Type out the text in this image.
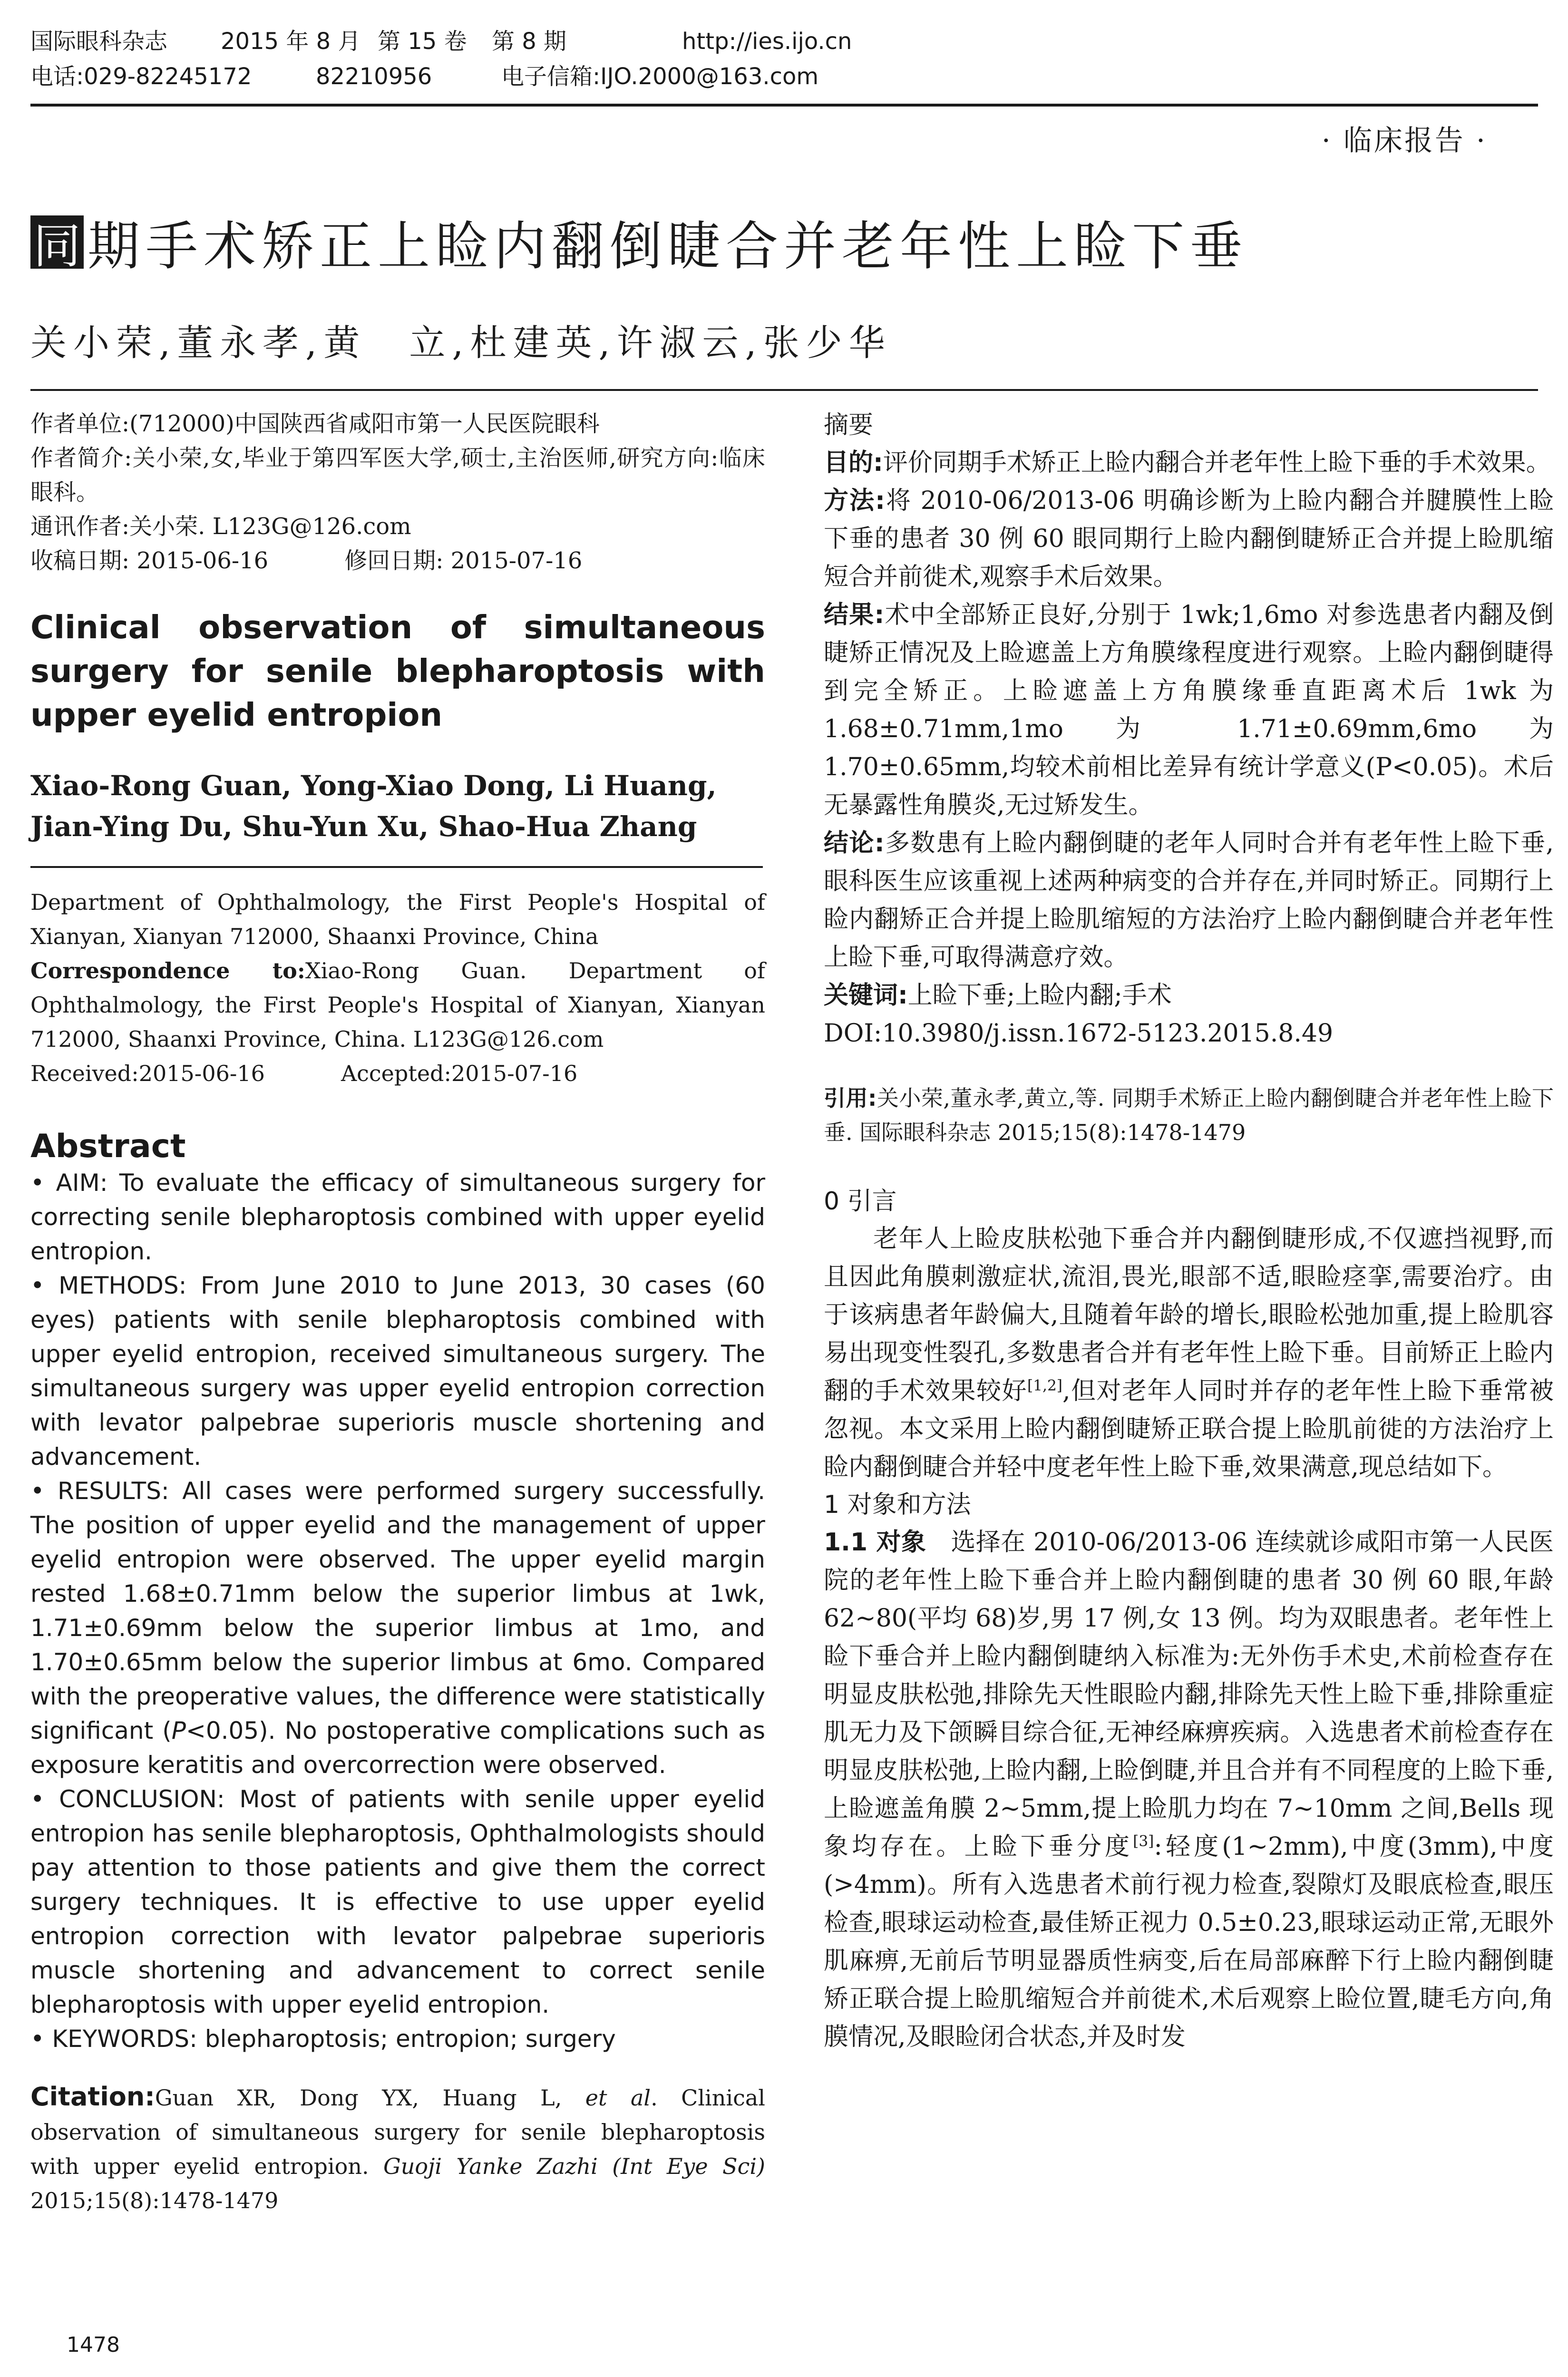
国际眼科杂志	2015 年 8 月 第 15 卷	第 8 期	http://ies.ijo.cn
电话:029-82245172	82210956	电子信箱:IJO.2000@163.com
· 临床报告 ·
同 期手术矫正上睑内翻倒睫合并老年性上睑下垂
关小荣,董永孝,黄　立,杜建英,许淑云,张少华

作者单位:(712000)中国陕西省咸阳市第一人民医院眼科

作者简介:关小荣,女,毕业于第四军医大学,硕士,主治医师,研究方向:临床眼科。

通讯作者:关小荣. L123G@126.com

收稿日期: 2015-06-16	修回日期: 2015-07-16

Clinical observation of simultaneous surgery for senile blepharoptosis with upper eyelid entropion

Xiao-Rong Guan, Yong-Xiao Dong, Li Huang, Jian-Ying Du, Shu-Yun Xu, Shao-Hua Zhang

Department of Ophthalmology, the First People's Hospital of Xianyan, Xianyan 712000, Shaanxi Province, China

Correspondence to:Xiao-Rong Guan. Department of Ophthalmology, the First People's Hospital of Xianyan, Xianyan 712000, Shaanxi Province, China. L123G@126.com

Received:2015-06-16	Accepted:2015-07-16

Abstract

• AIM: To evaluate the efficacy of simultaneous surgery for correcting senile blepharoptosis combined with upper eyelid entropion.

• METHODS: From June 2010 to June 2013, 30 cases (60 eyes) patients with senile blepharoptosis combined with upper eyelid entropion, received simultaneous surgery. The simultaneous surgery was upper eyelid entropion correction with levator palpebrae superioris muscle shortening and advancement.

• RESULTS: All cases were performed surgery successfully. The position of upper eyelid and the management of upper eyelid entropion were observed. The upper eyelid margin rested 1.68±0.71mm below the superior limbus at 1wk, 1.71±0.69mm below the superior limbus at 1mo, and 1.70±0.65mm below the superior limbus at 6mo. Compared with the preoperative values, the difference were statistically significant (P<0.05). No postoperative complications such as exposure keratitis and overcorrection were observed.

• CONCLUSION: Most of patients with senile upper eyelid entropion has senile blepharoptosis, Ophthalmologists should pay attention to those patients and give them the correct surgery techniques. It is effective to use upper eyelid entropion correction with levator palpebrae superioris muscle shortening and advancement to correct senile blepharoptosis with upper eyelid entropion.

• KEYWORDS: blepharoptosis; entropion; surgery

Citation:Guan XR, Dong YX, Huang L, et al. Clinical observation of simultaneous surgery for senile blepharoptosis with upper eyelid entropion. Guoji Yanke Zazhi (Int Eye Sci) 2015;15(8):1478-1479

摘要

目的:评价同期手术矫正上睑内翻合并老年性上睑下垂的手术效果。

方法:将 2010-06/2013-06 明确诊断为上睑内翻合并腱膜性上睑下垂的患者 30 例 60 眼同期行上睑内翻倒睫矫正合并提上睑肌缩短合并前徙术,观察手术后效果。

结果:术中全部矫正良好,分别于 1wk;1,6mo 对参选患者内翻及倒睫矫正情况及上睑遮盖上方角膜缘程度进行观察。上睑内翻倒睫得到完全矫正。上睑遮盖上方角膜缘垂直距离术后 1wk 为 1.68±0.71mm,1mo 为 1.71±0.69mm,6mo 为 1.70±0.65mm,均较术前相比差异有统计学意义(P<0.05)。术后无暴露性角膜炎,无过矫发生。

结论:多数患有上睑内翻倒睫的老年人同时合并有老年性上睑下垂,眼科医生应该重视上述两种病变的合并存在,并同时矫正。同期行上睑内翻矫正合并提上睑肌缩短的方法治疗上睑内翻倒睫合并老年性上睑下垂,可取得满意疗效。

关键词:上睑下垂;上睑内翻;手术

DOI:10.3980/j.issn.1672-5123.2015.8.49

引用:关小荣,董永孝,黄立,等. 同期手术矫正上睑内翻倒睫合并老年性上睑下垂. 国际眼科杂志 2015;15(8):1478-1479

0 引言

老年人上睑皮肤松弛下垂合并内翻倒睫形成,不仅遮挡视野,而且因此角膜刺激症状,流泪,畏光,眼部不适,眼睑痉挛,需要治疗。由于该病患者年龄偏大,且随着年龄的增长,眼睑松弛加重,提上睑肌容易出现变性裂孔,多数患者合并有老年性上睑下垂。目前矫正上睑内翻的手术效果较好[1,2],但对老年人同时并存的老年性上睑下垂常被忽视。本文采用上睑内翻倒睫矫正联合提上睑肌前徙的方法治疗上睑内翻倒睫合并轻中度老年性上睑下垂,效果满意,现总结如下。

1 对象和方法

1.1 对象　选择在 2010-06/2013-06 连续就诊咸阳市第一人民医院的老年性上睑下垂合并上睑内翻倒睫的患者 30 例 60 眼,年龄 62~80(平均 68)岁,男 17 例,女 13 例。均为双眼患者。老年性上睑下垂合并上睑内翻倒睫纳入标准为:无外伤手术史,术前检查存在明显皮肤松弛,排除先天性眼睑内翻,排除先天性上睑下垂,排除重症肌无力及下颌瞬目综合征,无神经麻痹疾病。入选患者术前检查存在明显皮肤松弛,上睑内翻,上睑倒睫,并且合并有不同程度的上睑下垂,上睑遮盖角膜 2~5mm,提上睑肌力均在 7~10mm 之间,Bells 现象均存在。上睑下垂分度[3]:轻度(1~2mm),中度(3mm),中度(>4mm)。所有入选患者术前行视力检查,裂隙灯及眼底检查,眼压检查,眼球运动检查,最佳矫正视力 0.5±0.23,眼球运动正常,无眼外肌麻痹,无前后节明显器质性病变,后在局部麻醉下行上睑内翻倒睫矫正联合提上睑肌缩短合并前徙术,术后观察上睑位置,睫毛方向,角膜情况,及眼睑闭合状态,并及时发

1478
